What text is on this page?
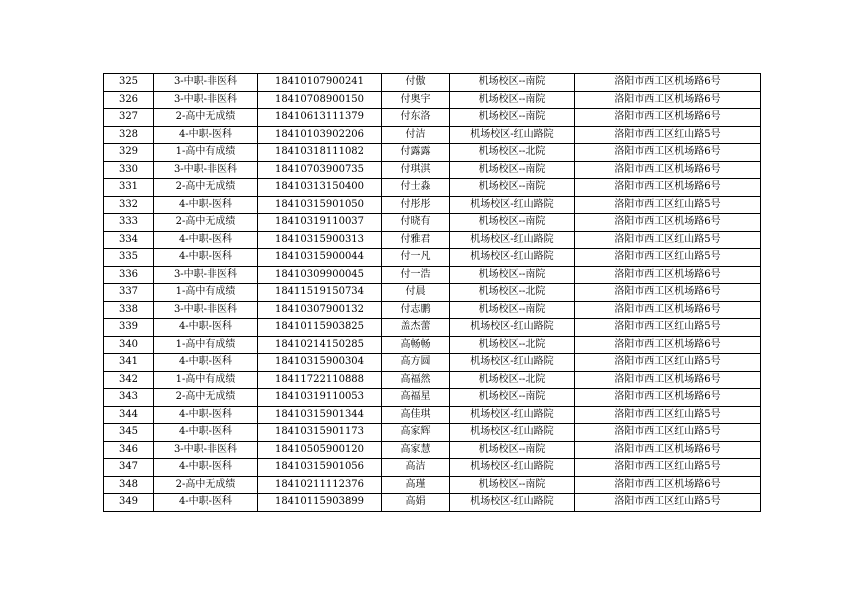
325	3-中职-非医科	18410107900241	付傲	机场校区--南院	洛阳市西工区机场路6号
326	3-中职-非医科	18410708900150	付奥宇	机场校区--南院	洛阳市西工区机场路6号
327	2-高中无成绩	18410613111379	付东洛	机场校区--南院	洛阳市西工区机场路6号
328	4-中职-医科	18410103902206	付洁	机场校区-红山路院	洛阳市西工区红山路5号
329	1-高中有成绩	18410318111082	付露露	机场校区--北院	洛阳市西工区机场路6号
330	3-中职-非医科	18410703900735	付琪淇	机场校区--南院	洛阳市西工区机场路6号
331	2-高中无成绩	18410313150400	付士淼	机场校区--南院	洛阳市西工区机场路6号
332	4-中职-医科	18410315901050	付彤彤	机场校区-红山路院	洛阳市西工区红山路5号
333	2-高中无成绩	18410319110037	付晓有	机场校区--南院	洛阳市西工区机场路6号
334	4-中职-医科	18410315900313	付雅君	机场校区-红山路院	洛阳市西工区红山路5号
335	4-中职-医科	18410315900044	付一凡	机场校区-红山路院	洛阳市西工区红山路5号
336	3-中职-非医科	18410309900045	付一浩	机场校区--南院	洛阳市西工区机场路6号
337	1-高中有成绩	18411519150734	付晨	机场校区--北院	洛阳市西工区机场路6号
338	3-中职-非医科	18410307900132	付志鹏	机场校区--南院	洛阳市西工区机场路6号
339	4-中职-医科	18410115903825	盖杰蕾	机场校区-红山路院	洛阳市西工区红山路5号
340	1-高中有成绩	18410214150285	高畅畅	机场校区--北院	洛阳市西工区机场路6号
341	4-中职-医科	18410315900304	高方圆	机场校区-红山路院	洛阳市西工区红山路5号
342	1-高中有成绩	18411722110888	高福然	机场校区--北院	洛阳市西工区机场路6号
343	2-高中无成绩	18410319110053	高福星	机场校区--南院	洛阳市西工区机场路6号
344	4-中职-医科	18410315901344	高佳琪	机场校区-红山路院	洛阳市西工区红山路5号
345	4-中职-医科	18410315901173	高家辉	机场校区-红山路院	洛阳市西工区红山路5号
346	3-中职-非医科	18410505900120	高家慧	机场校区--南院	洛阳市西工区机场路6号
347	4-中职-医科	18410315901056	高洁	机场校区-红山路院	洛阳市西工区红山路5号
348	2-高中无成绩	18410211112376	高瑾	机场校区--南院	洛阳市西工区机场路6号
349	4-中职-医科	18410115903899	高娟	机场校区-红山路院	洛阳市西工区红山路5号
